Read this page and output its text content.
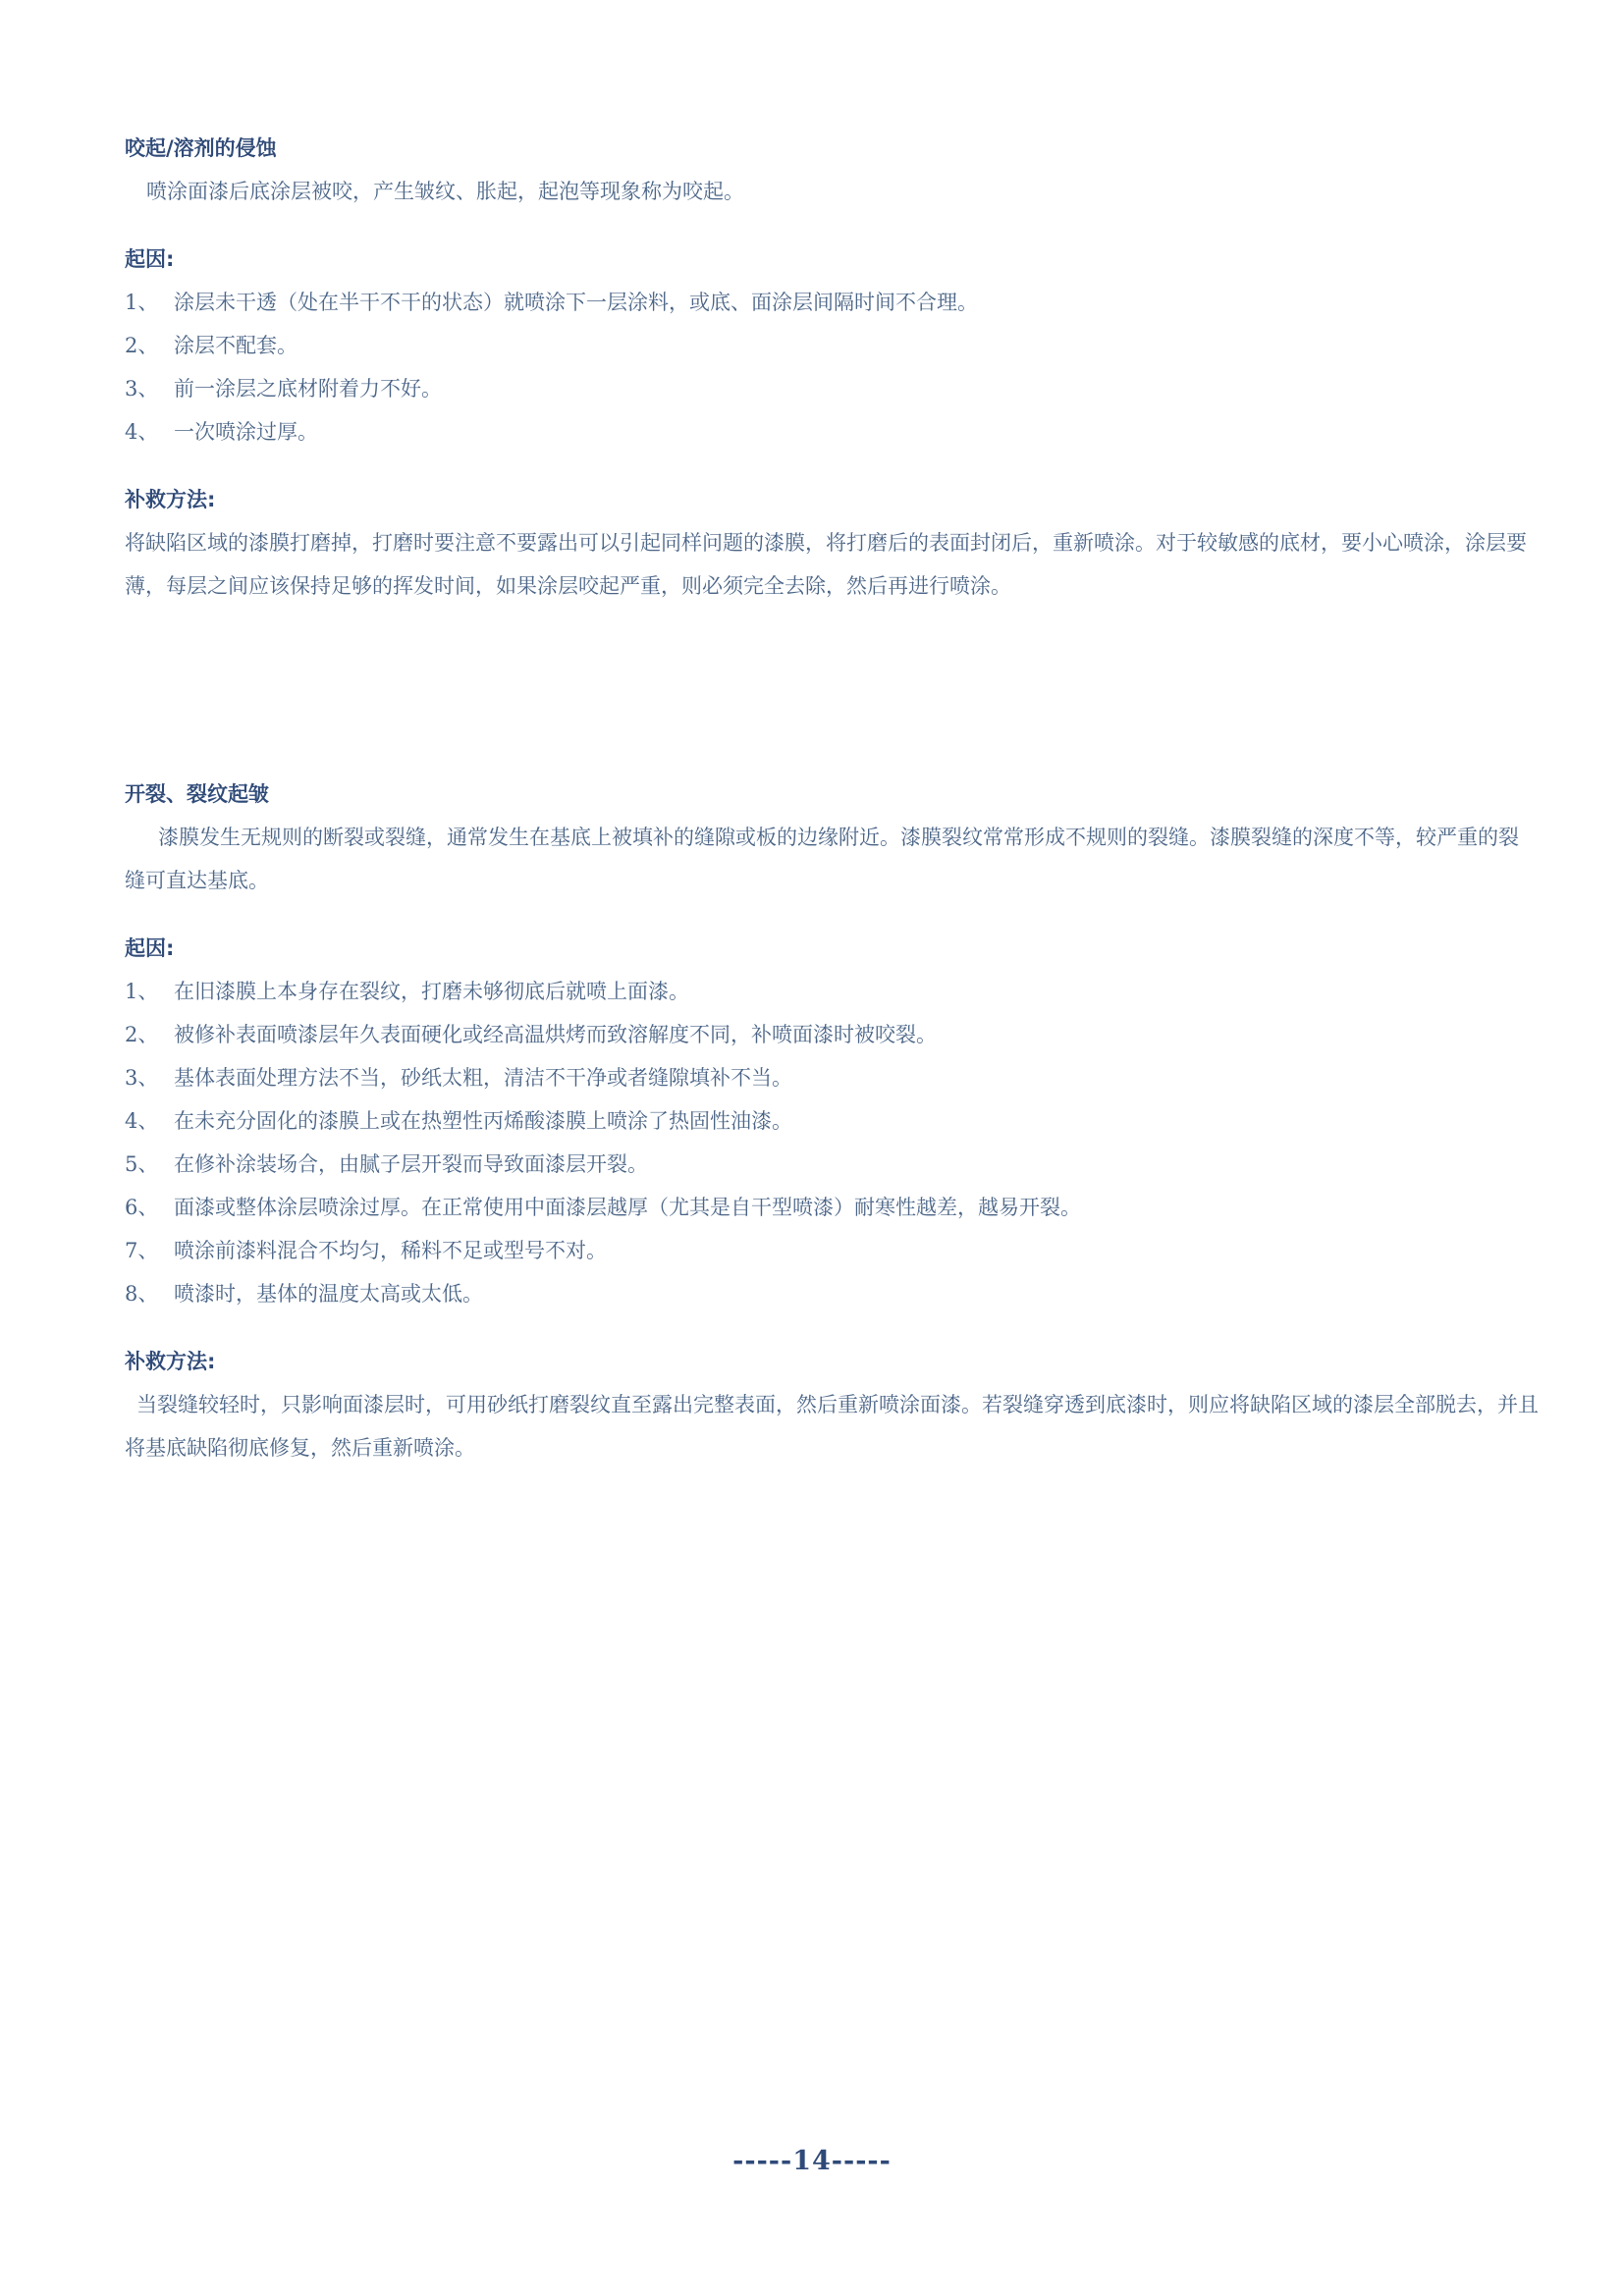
咬起/溶剂的侵蚀

喷涂面漆后底涂层被咬，产生皱纹、胀起，起泡等现象称为咬起。

起因:
1、 涂层未干透（处在半干不干的状态）就喷涂下一层涂料，或底、面涂层间隔时间不合理。
2、 涂层不配套。
3、 前一涂层之底材附着力不好。
4、 一次喷涂过厚。
补救方法:

将缺陷区域的漆膜打磨掉，打磨时要注意不要露出可以引起同样问题的漆膜，将打磨后的表面封闭后，重新喷涂。对于较敏感的底材，要小心喷涂，涂层要薄，每层之间应该保持足够的挥发时间，如果涂层咬起严重，则必须完全去除，然后再进行喷涂。

开裂、裂纹起皱

漆膜发生无规则的断裂或裂缝，通常发生在基底上被填补的缝隙或板的边缘附近。漆膜裂纹常常形成不规则的裂缝。漆膜裂缝的深度不等，较严重的裂缝可直达基底。

起因:
1、 在旧漆膜上本身存在裂纹，打磨未够彻底后就喷上面漆。
2、 被修补表面喷漆层年久表面硬化或经高温烘烤而致溶解度不同，补喷面漆时被咬裂。
3、 基体表面处理方法不当，砂纸太粗，清洁不干净或者缝隙填补不当。
4、 在未充分固化的漆膜上或在热塑性丙烯酸漆膜上喷涂了热固性油漆。
5、 在修补涂装场合，由腻子层开裂而导致面漆层开裂。
6、 面漆或整体涂层喷涂过厚。在正常使用中面漆层越厚（尤其是自干型喷漆）耐寒性越差，越易开裂。
7、 喷涂前漆料混合不均匀，稀料不足或型号不对。
8、 喷漆时，基体的温度太高或太低。
补救方法:

当裂缝较轻时，只影响面漆层时，可用砂纸打磨裂纹直至露出完整表面，然后重新喷涂面漆。若裂缝穿透到底漆时，则应将缺陷区域的漆层全部脱去，并且将基底缺陷彻底修复，然后重新喷涂。

-----14-----
